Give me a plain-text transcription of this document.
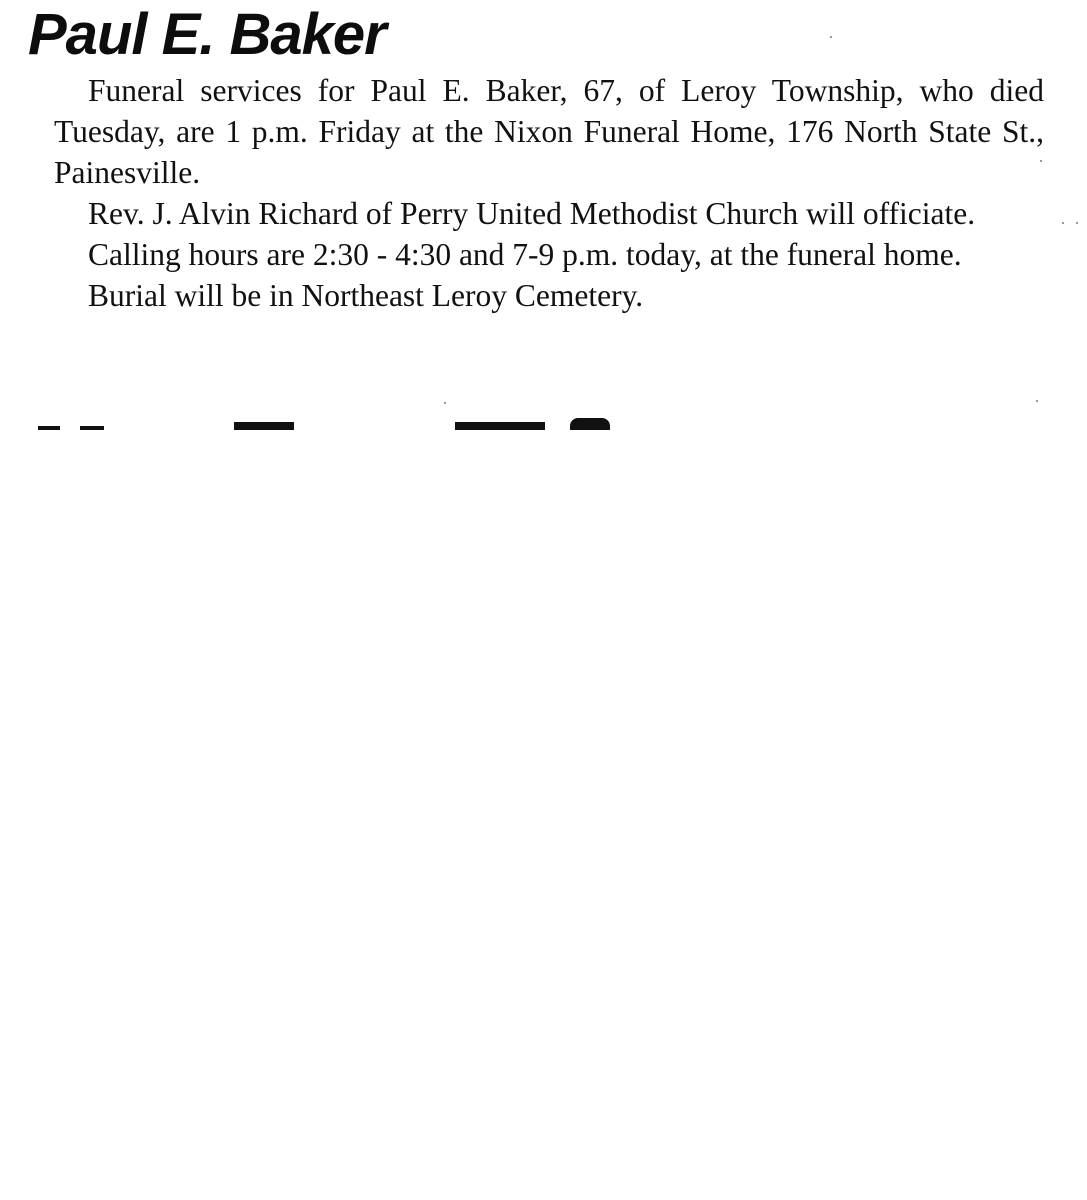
Paul E. Baker

Funeral services for Paul E. Baker, 67, of Leroy Township, who died Tuesday, are 1 p.m. Friday at the Nixon Funeral Home, 176 North State St., Painesville.

Rev. J. Alvin Richard of Perry United Methodist Church will officiate.

Calling hours are 2:30 - 4:30 and 7-9 p.m. today, at the funeral home.

Burial will be in Northeast Leroy Cemetery.
